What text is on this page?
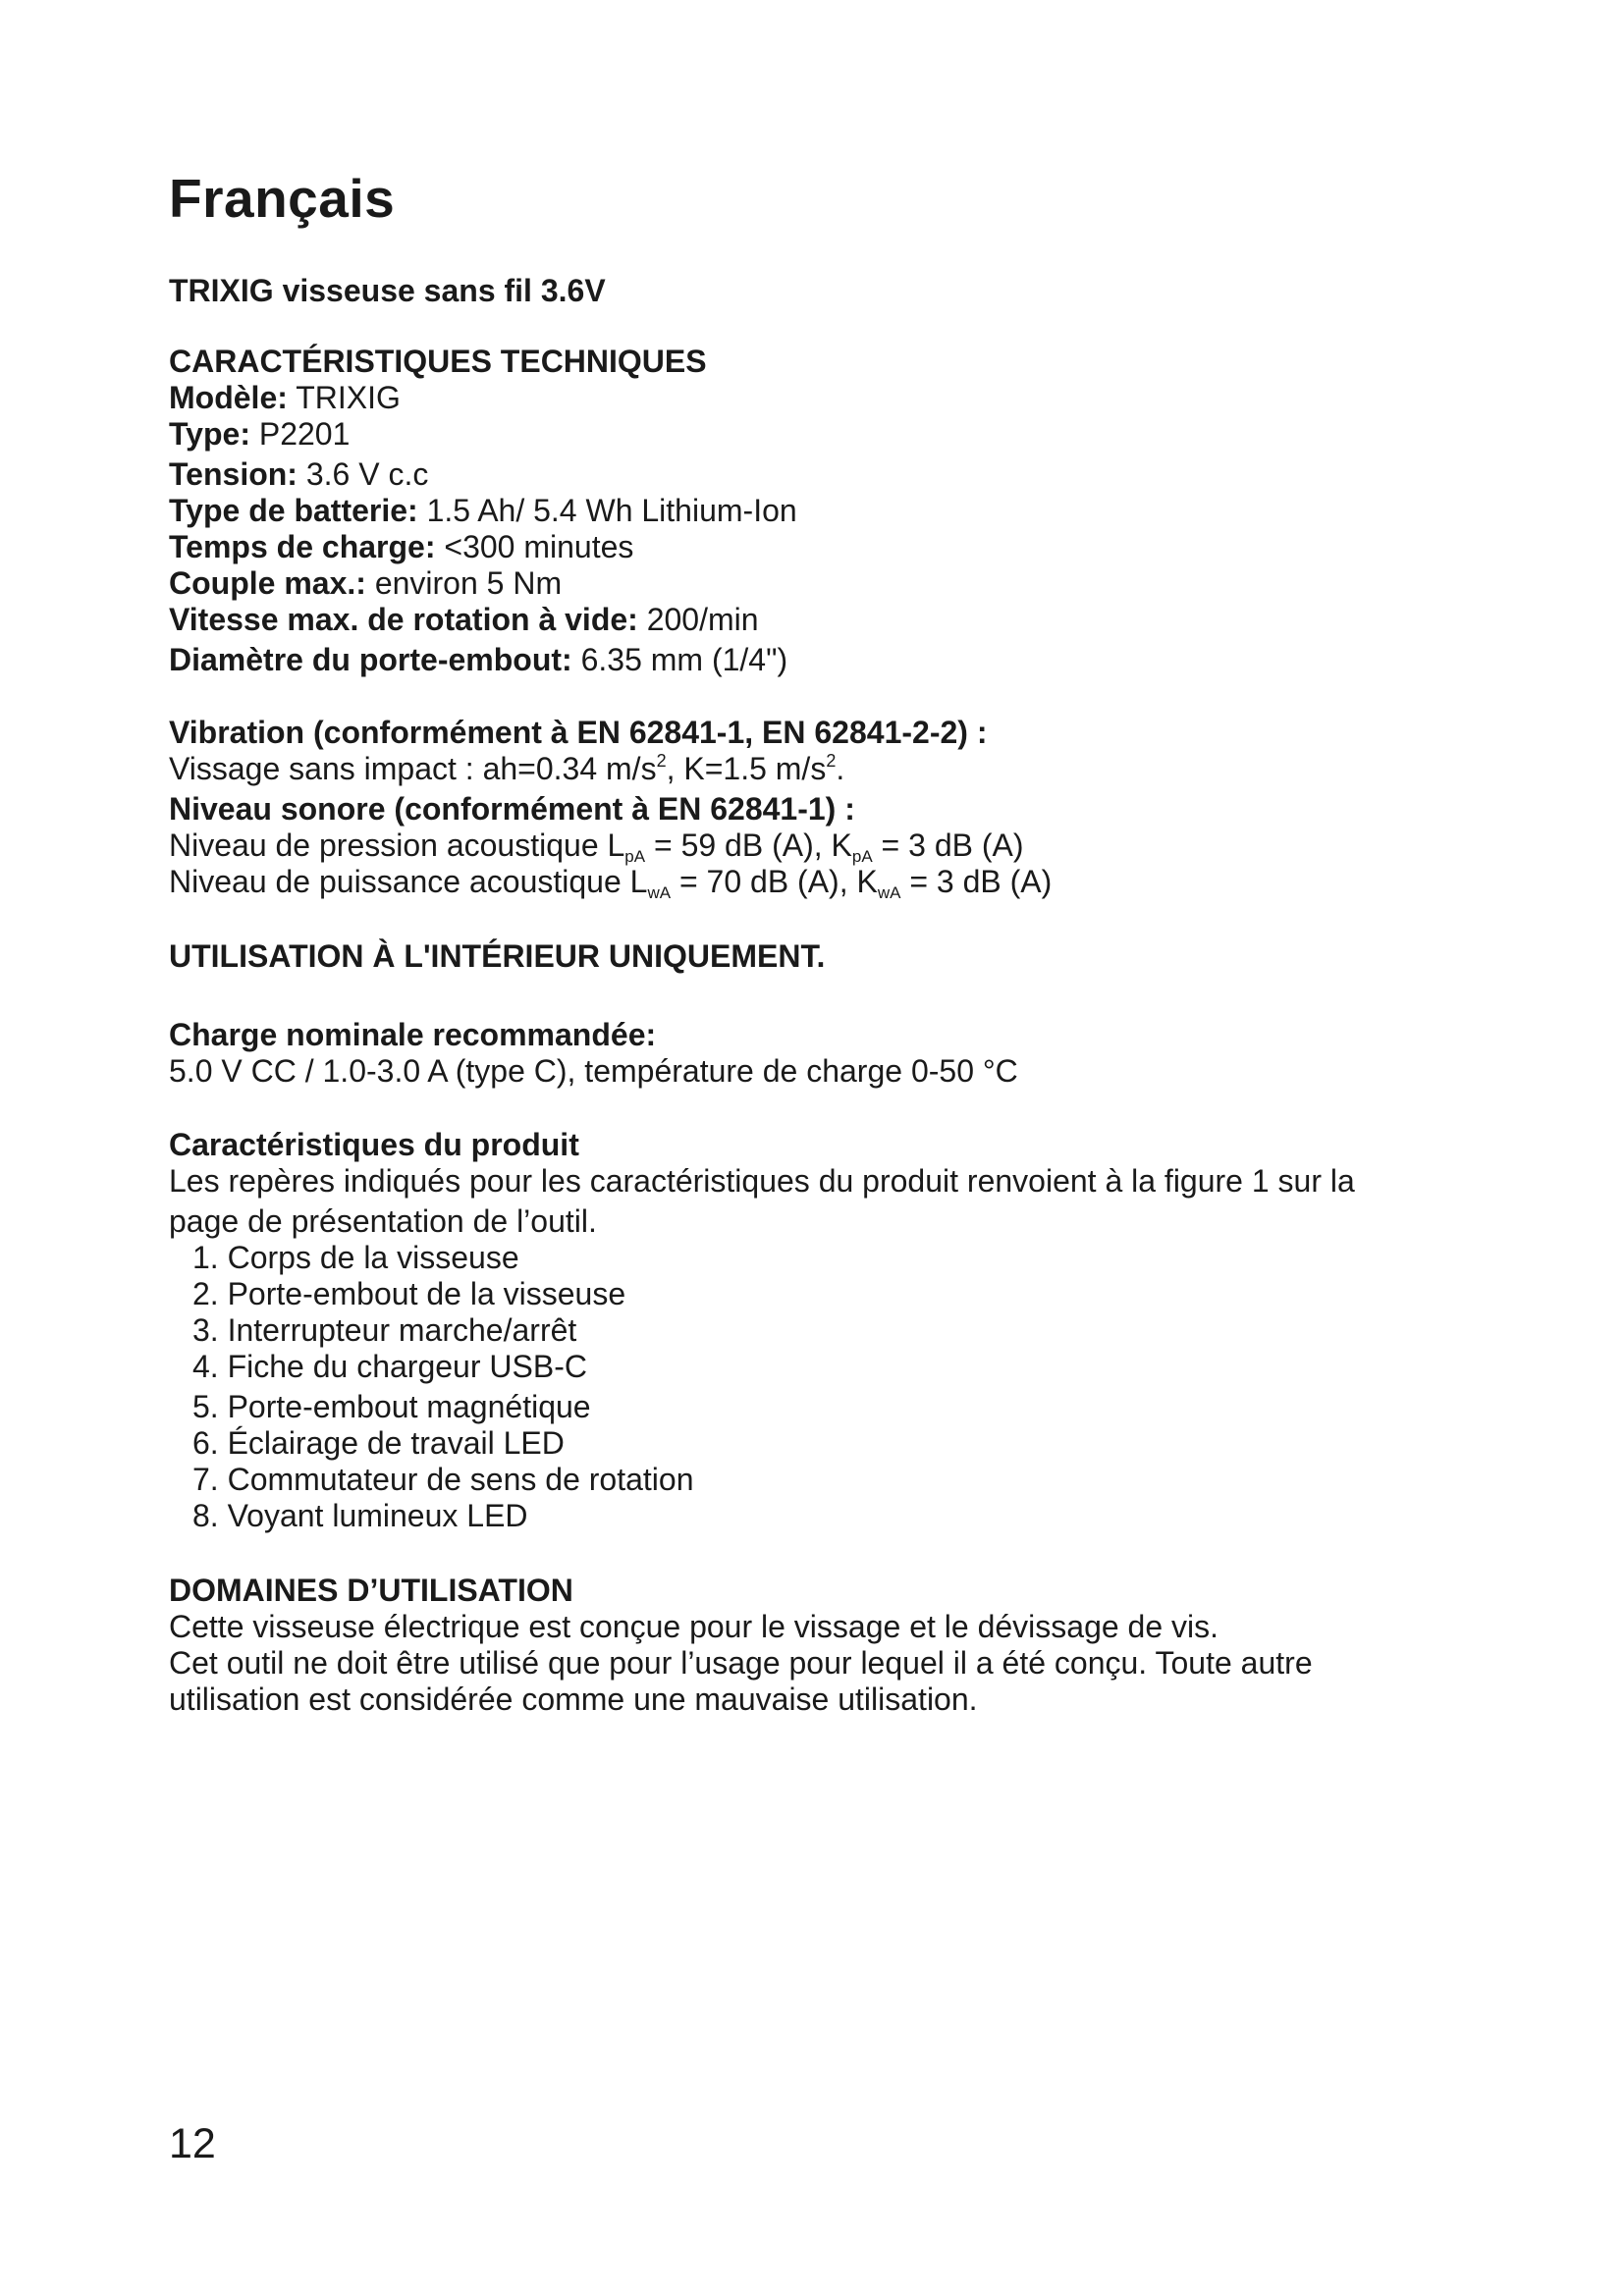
Français
TRIXIG visseuse sans fil 3.6V
CARACTÉRISTIQUES TECHNIQUES
Modèle: TRIXIG
Type: P2201
Tension: 3.6 V c.c
Type de batterie: 1.5 Ah/ 5.4 Wh Lithium-Ion
Temps de charge: <300 minutes
Couple max.: environ 5 Nm
Vitesse max. de rotation à vide: 200/min
Diamètre du porte-embout: 6.35 mm (1/4")
Vibration (conformément à EN 62841-1, EN 62841-2-2) :
Vissage sans impact : ah=0.34 $m/s^2$, K=1.5 $m/s^2$.
Niveau sonore (conformément à EN 62841-1) :
Niveau de pression acoustique $L_{pA} = 59$ dB (A), $K_{pA} = 3$ dB (A)
Niveau de puissance acoustique $L_{wA} = 70$ dB (A), $K_{wA} = 3$ dB (A)
UTILISATION À L'INTÉRIEUR UNIQUEMENT.
Charge nominale recommandée:
5.0 V CC / 1.0-3.0 A (type C), température de charge 0-50 °C
Caractéristiques du produit
Les repères indiqués pour les caractéristiques du produit renvoient à la figure 1 sur la
page de présentation de l’outil.
1. Corps de la visseuse
2. Porte-embout de la visseuse
3. Interrupteur marche/arrêt
4. Fiche du chargeur USB-C
5. Porte-embout magnétique
6. Éclairage de travail LED
7. Commutateur de sens de rotation
8. Voyant lumineux LED
DOMAINES D’UTILISATION
Cette visseuse électrique est conçue pour le vissage et le dévissage de vis.
Cet outil ne doit être utilisé que pour l’usage pour lequel il a été conçu. Toute autre
utilisation est considérée comme une mauvaise utilisation.
12
